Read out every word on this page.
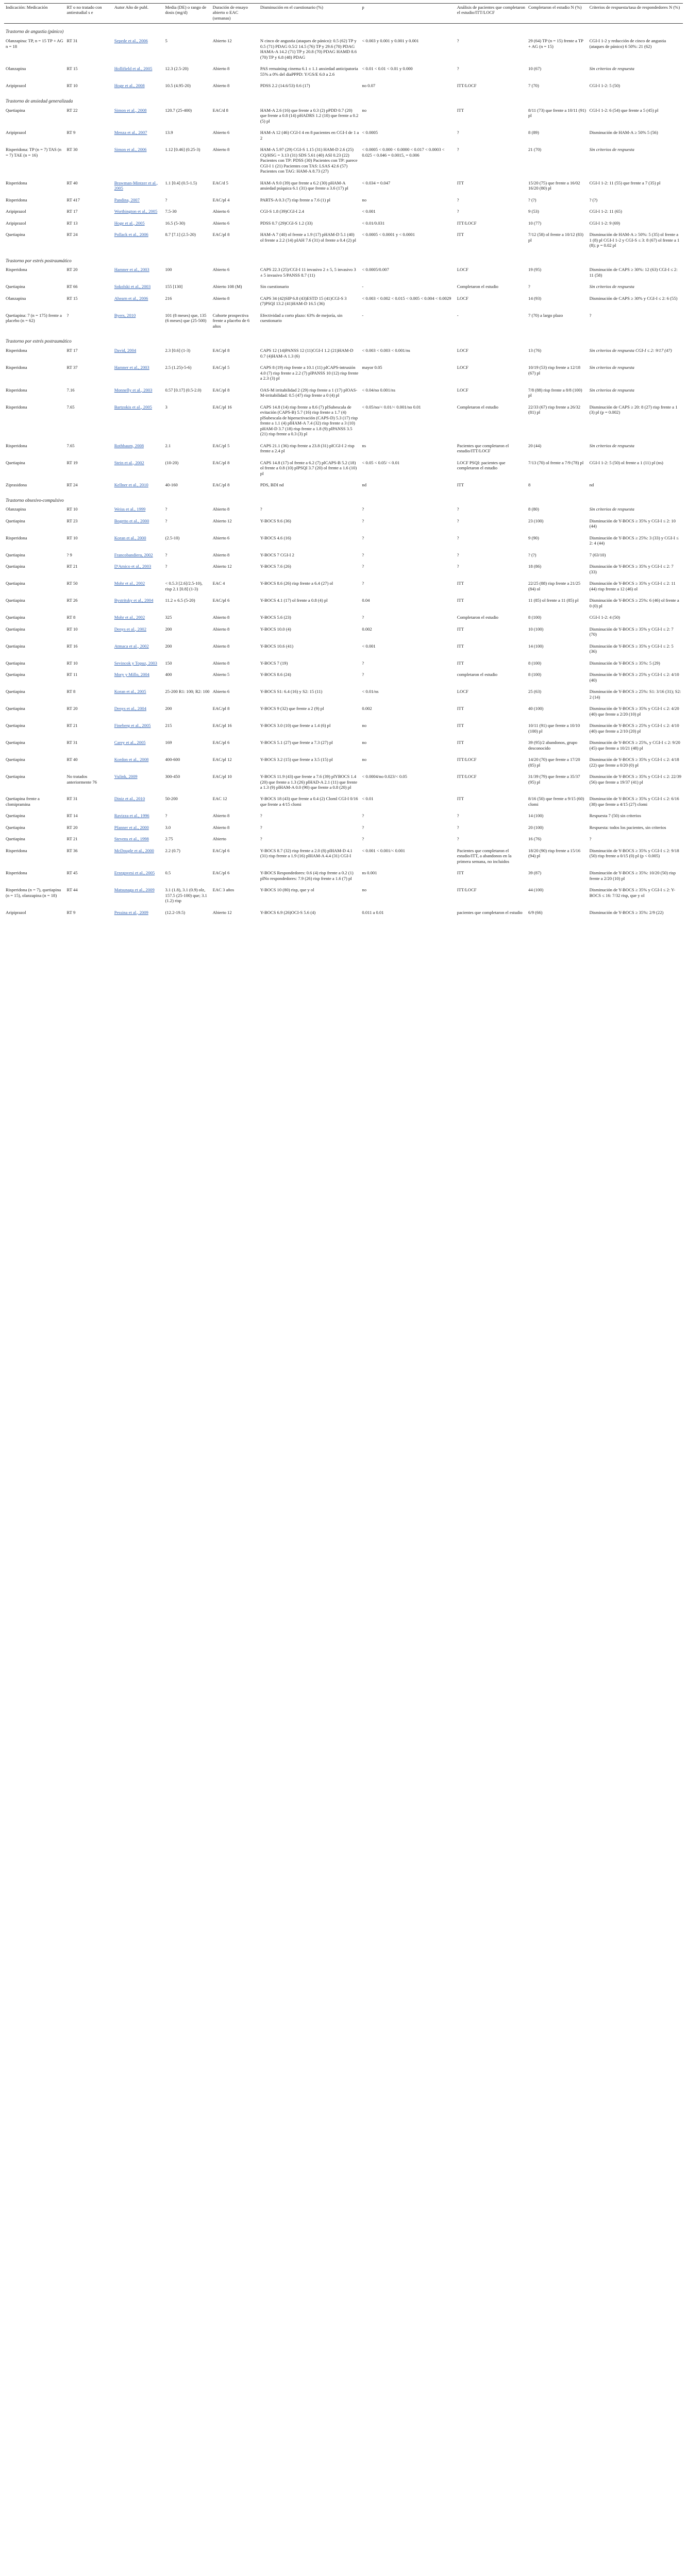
Indicación: Medicación	RT o no tratado con antiestudial s e	Autor Año de publ.	Media (DE) o rango de dosis (mg/d)	Duración de ensayo abierto o EAC (semanas)	Disminución en el cuestionario (%)	p	Análisis de pacientes que completaron el estudio/ITT/LOCF	Completaron el estudio N (%)	Criterios de respuesta/tasa de respondedores N (%)
Trastorno de angustia (pánico)									
Olanzapina: TP, n = 15 TP + AG n = 18	RT 31	Sepede et al., 2006	5	Abierto 12	N cinco de angustia (ataques de pánico): 0.5 (62) TP y 0.5 (71) PDAG 0.5/2 14.5 (76) TP y 29.6 (70) PDAG HAMA-A 14.2 (71) TP y 20.8 (70) PDAG HAMD 8.6 (70) TP y 6.8 (48) PDAG	< 0.003 y 0.001 y 0.001 y 0.001	?	29 (64) TP (n = 15) frente a TP + AG (n = 15)	CGI-I 1-2 y reducción de cinco de angustia (ataques de pánico) 6 50%: 21 (62)
Olanzapina	RT 15	Hollifield et al., 2005	12.3 (2.5-20)	Abierto 8	PAS remaining cinema 6.1 ± 1.1 anxiedad anticipatoria 55% a 0% del diaPPPD: Y/GS/E 6.0 a 2.6	< 0.01 < 0.01 < 0.01 y 0.000	?	10 (67)	Sin criterios de respuesta
Aripiprazol	RT 10	Hoge et al., 2008	10.5 (4.95-20)	Abierto 8	PDSS 2.2 (14.6/53) 0.6 (17)	no 0.07	ITT/LOCF	7 (70)	CGI-I 1-2: 5 (50)
Trastorno de ansiedad generalizada									
Quetiapina	RT 22	Simon et al., 2008	120.7 (25-400)	EAC/d 8	HAM-A 2.6 (16) que frente a 0.3 (2) pPDD 0.7 (20) que frente a 0.8 (14) pHADRS 1.2 (10) que frente a 0.2 (5) pl	no	ITT	8/11 (73) que frente a 10/11 (91) pl	CGI-I 1-2: 6 (54) que frente a 5 (45) pl
Aripiprazol	RT 9	Menza et al., 2007	13.9	Abierto 6	HAM-A 12 (46) CGI-I 4 en 8 pacientes en CGI-I de 1 a 2	< 0.0005	?	8 (89)	Disminución de HAM-A ≥ 50% 5 (56)
Risperidona: TP (n = 7) TAS (n = 7) TAE (n = 16)	RT 30	Simon et al., 2006	1.12 [0.46] (0.25-3)	Abierto 8	HAM-A 5.97 (29) CGI-S 1.15 (31) HAM-D 2.6 (25) CQ/HSG = 3.13 (31) SDS 5.61 (40) ASI 0.23 (22) Pacientes con TP: PDSS (30) Pacientes con TP: parece CGI-I 1 (21) Pacientes con TAS: LSAS 42.6 (57) Pacientes con TAG: HAM-A 8.73 (27)	< 0.0005 < 0.000 < 0.0000 < 0.017 < 0.0003 < 0.025 < 0.046 = 0.0015, = 0.006	?	21 (70)	Sin criterios de respuesta
Risperidona	RT 40	Brawman-Mintzer et al., 2005	1.1 [0.4] (0.5-1.5)	EAC/d 5	HAM-A 9.0 (39) que frente a 6.2 (30) pHAM-A ansiedad psíquica 6.1 (31) que frente a 3.6 (17) pl	< 0.034 = 0.047	ITT	15/20 (75) que frente a 16/02 16/20 (80) pl	CGI-I 1-2: 11 (55) que frente a 7 (35) pl
Risperidona	RT 417	Pandina, 2007	?	EAC/pl 4	PARTS-A 0.3 (7) rísp frente a 7.6 (1) pl	no	?	? (?)	? (?)
Aripiprazol	RT 17	Worthington et al., 2005	7.5-30	Abierto 6	CGI-S 1.8 (39)CGI-I 2.4	< 0.001	?	9 (53)	CGI-I 1-2: 11 (65)
Aripiprazol	RT 13	Hoge et al., 2005	16.5 (5-30)	Abierto 6	PDSS 0.7 (29)CGI-S 1.2 (33)	< 0.01/0.031	ITT/LOCF	10 (77)	CGI-I 1-2: 9 (69)
Quetiapina	RT 24	Pollack et al., 2006	8.7 [7.1] (2.5-20)	EAC/pl 8	HAM-A 7 (40) ol frente a 1.9 (17) pHAM-D 5.1 (40) ol frente a 2.2 (14) pIAH 7.6 (31) ol frente a 0.4 (2) pl	< 0.0005 < 0.0001 y < 0.0001	ITT	7/12 (58) ol frente a 10/12 (83) pl	Disminución de HAM-A ≥ 50%: 5 (35) ol frente a 1 (8) pl CGI-I 1-2 y CGI-S ≤ 3: 8 (67) ol frente a 1 (8); p = 0.02 pl
Trastorno por estrés postraumático									
Risperidona	RT 20	Hamner et al., 2003	100	Abierto 6	CAPS 22.3 (25)/CGI-I 11 invasivo 2 ± 5, 5 invasivo 3 ± 5 invasivo 5/PANSS 8.7 (11)	< 0.0005/0.007	LOCF	19 (95)	Disminución de CAPS ≥ 30%: 12 (63) CGI-I ≤ 2: 11 (58)
Quetiapina	RT 66	Sokolski et al., 2003	155 [130]	Abierto 108 (M)	Sin cuestionario	-	Completaron el estudio	?	Sin criterios de respuesta
Olanzapina	RT 15	Ahearn et al., 2006	216	Abierto 8	CAPS 34 (42)SIP 6.8 (43)ESTD 15 (41)CGI-S 3 (7)PSQI 13.2 (41)HAM-D 16.5 (36)	< 0.003 < 0.002 < 0.015 < 0.005 < 0.004 < 0.0029	LOCF	14 (93)	Disminución de CAPS ≥ 30% y CGI-I ≤ 2: 6 (55)
Quetiapina: 7 (n = 175) frente a placebo (n = 62)	?	Byers, 2010	101 (8 meses) que, 135 (6 meses) que (25-500)	Cohorte prospectiva frente a placebo de 6 años	Efectividad a corto plazo: 63% de mejoría, sin cuestionario	-	-	7 (70) a largo plazo	?
Trastorno por estrés postraumático									
Risperidona	RT 17	David, 2004	2.3 [0.6] (1-3)	EAC/pl 8	CAPS 12 (14)PANSS 12 (11)CGI-I 1.2 (21)HAM-D 0.7 (4)HAM-A 1.3 (6)	< 0.003 < 0.003 < 0.001/ns	LOCF	13 (76)	Sin criterios de respuesta CGI-I ≤ 2: 9/17 (47)
Risperidona	RT 37	Hamner et al., 2003	2.5 (1.25)-5-6)	EAC/pl 5	CAPS 8 (19) risp frente a 10.1 (11) plCAPS-intrusión 4.0 (7) risp frente a 2.2 (7) plPANSS 10 (12) risp frente a 2.3 (3) pl	mayor 0.05	LOCF	10/19 (53) risp frente a 12/18 (67) pl	Sin criterios de respuesta
Risperidona	7.16	Monnelly et al., 2003	0.57 [0.17] (0.5-2.0)	EAC/pl 8	OAS-M irritabilidad 2 (29) risp frente a 1 (17) plOAS-M-irritabilidad: 0.5 (47) risp frente a 0 (4) pl	< 0.04/no 0.001/ns	LOCF	7/8 (88) risp frente a 8/8 (100) pl	Sin criterios de respuesta
Risperidona	7.65	Bartzokis et al., 2005	3	EAC/pl 16	CAPS 14.8 (14) risp frente a 8.6 (7) plSubescala de evitación (CAPS-B) 5.7 (16) risp frente a 1.7 (4) plSubescala de hiperactivación (CAPS-D) 5.3 (17) risp frente a 1.1 (4) plHAM-A 7.4 (32) risp frente a 3 (10) pHAM-D 3.7 (18) risp frente a 1.8 (9) plPANSS 3.5 (21) risp frente a 0.3 (3) pl	< 0.05/no/< 0.01/< 0.001/no 0.01	Completaron el estudio	22/33 (67) risp frente a 26/32 (81) pl	Disminución de CAPS ≥ 20: 8 (27) risp frente a 1 (3) pl (p = 0.002)
Risperidona	7.65	Rothbaum, 2008	2.1	EAC/pl 5	CAPS 21.1 (36) risp frente a 23.8 (31) plCGI-I 2 risp frente a 2.4 pl	ns	Pacientes que completaron el estudio/ITT/LOCF	20 (44)	Sin criterios de respuesta
Quetiapina	RT 19	Stein et al., 2002	(10-20)	EAC/pl 8	CAPS 14.8 (17) ol frente a 6.2 (7) plCAPS-B 5.2 (18) ol frente a 0.8 (10) plPSQI 3.7 (20) ol frente a 1.6 (10) pl	< 0.05 < 0.05/ < 0.01	LOCF PSQI: pacientes que completaron el estudio	7/13 (70) ol frente a 7/9 (78) pl	CGI-I 1-2: 5 (50) ol frente a 1 (11) pl (ns)
Ziprasidona	RT 24	Kellner et al., 2010	40-160	EAC/pl 8	PDS, BDI nd	nd	ITT	8	nd
Trastorno obsesivo-compulsivo									
Olanzapina	RT 10	Weiss et al., 1999	?	Abierto 8	?	?	?	8 (80)	Sin criterios de respuesta
Quetiapina	RT 23	Bogetto et al., 2000	?	Abierto 12	Y-BOCS 9.6 (36)	?	?	23 (100)	Disminución de Y-BOCS ≥ 35% y CGI-I ≤ 2: 10 (44)
Risperidona	RT 10	Koran et al., 2000	(2.5-10)	Abierto 6	Y-BOCS 4.6 (16)	?	?	9 (90)	Disminución de Y-BOCS ≥ 25%: 3 (33) y CGI-I ≤ 2: 4 (44)
Quetiapina	? 9	Francobandiera, 2002	?	Abierto 8	Y-BOCS 7 CGI-I 2	?	?	? (?)	7 (63/10)
Quetiapina	RT 21	D'Amico et al., 2003	?	Abierto 12	Y-BOCS 7.6 (26)	?	?	18 (86)	Disminución de Y-BOCS ≥ 35% y CGI-I ≤ 2: 7 (33)
Quetiapina	RT 50	Mohr et al., 2002	< 0.5.3 [2.6]/2.5-10), risp 2.1 [0.8] (1-3)	EAC 4	Y-BOCS 8.6 (26) risp frente a 6.4 (27) ol	?	ITT	22/25 (88) risp frente a 21/25 (84) ol	Disminución de Y-BOCS ≥ 35% y CGI-I ≤ 2: 11 (44) risp frente a 12 (46) ol
Quetiapina	RT 26	Bystritsky et al., 2004	11.2 ± 6.5 (5-20)	EAC/pl 6	Y-BOCS 4.1 (17) ol frente a 0.8 (4) pl	0.04	ITT	11 (85) ol frente a 11 (85) pl	Disminución de Y-BOCS ≥ 25%: 6 (46) ol frente a 0 (0) pl
Quetiapina	RT 8	Mohr et al., 2002	325	Abierto 8	Y-BOCS 5.6 (23)	?	Completaron el estudio	8 (100)	CGI-I 1-2: 4 (50)
Quetiapina	RT 10	Denys et al., 2002	200	Abierto 8	Y-BOCS 10.0 (4)	0.002	ITT	10 (100)	Disminución de Y-BOCS ≥ 35% y CGI-I ≤ 2: 7 (70)
Quetiapina	RT 16	Atmaca et al., 2002	200	Abierto 8	Y-BOCS 10.6 (41)	< 0.001	ITT	14 (100)	Disminución de Y-BOCS ≥ 35% y CGI-I ≤ 2: 5 (36)
Quetiapina	RT 10	Sevincok y Topuz, 2003	150	Abierto 8	Y-BOCS 7 (19)	?	ITT	8 (100)	Disminución de Y-BOCS ≥ 35%: 5 (29)
Quetiapina	RT 11	Mory y Millo, 2004	400	Abierto 5	Y-BOCS 8.6 (24)	?	completaron el estudio	8 (100)	Disminución de Y-BOCS ≥ 25% y CGI-I ≤ 2: 4/10 (40)
Quetiapina	RT 8	Koran et al., 2005	25-200 R1: 100; R2: 100	Abierto 6	Y-BOCS S1: 6.4 (16) y S2: 15 (11)	< 0.01/ns	LOCF	25 (63)	Disminución de Y-BOCS ≥ 25%: S1: 3/16 (31); S2: 2 (14)
Quetiapina	RT 20	Denys et al., 2004	200	EAC/pl 8	Y-BOCS 9 (32) que frente a 2 (9) pl	0.002	ITT	40 (100)	Disminución de Y-BOCS ≥ 35% y CGI-I ≤ 2: 4/20 (40) que frente a 2/20 (10) pl
Quetiapina	RT 21	Fineberg et al., 2005	215	EAC/pl 16	Y-BOCS 3.0 (10) que frente a 1.4 (6) pl	no	ITT	10/11 (91) que frente a 10/10 (100) pl	Disminución de Y-BOCS ≥ 25% y CGI-I ≤ 2: 4/10 (40) que frente a 2/10 (20) pl
Quetiapina	RT 31	Carey et al., 2005	169	EAC/pl 6	Y-BOCS 5.1 (27) que frente a 7.3 (27) pl	no	ITT	39 (95)/2 abandonos, grupo desconocido	Disminución de Y-BOCS ≥ 25%, y CGI-I ≤ 2: 9/20 (45) que frente a 10/21 (48) pl
Quetiapina	RT 40	Kordon et al., 2008	400-600	EAC/pl 12	Y-BOCS 3.2 (15) que frente a 3.5 (15) pl	no	ITT/LOCF	14/20 (70) que frente a 17/20 (85) pl	Disminución de Y-BOCS ≥ 35% y CGI-I ≤ 2: 4/18 (22) que frente a 0/20 (0) pl
Quetiapina	No tratados anteriormente 76	Vulink, 2009	300-450	EAC/pl 10	Y-BOCS 11.9 (43) que frente a 7.6 (39) plYBOCS 1.4 (20) que frente a 1.3 (26) plHAD-A 2.1 (11) que frente a 1.3 (9) plHAM-A 0.0 (90) que frente a 0.8 (20) pl	< 0.0004/no 0.023/< 0.05	ITT/LOCF	31/39 (79) que frente a 35/37 (95) pl	Disminución de Y-BOCS ≥ 35% y CGI-I ≤ 2: 22/39 (56) que frente a 19/37 (41) pl
Quetiapina frente a clomipramina	RT 31	Diniz et al., 2010	50-200	EAC 12	Y-BOCS 18 (43) que frente a 0.4 (2) ClomI CGI-I 0/16 que frente a 4/15 clomi	< 0.01	ITT	8/16 (50) que frente a 9/15 (60) clomi	Disminución de Y-BOCS ≥ 35% y CGI-I ≤ 2: 6/16 (38) que frente a 4/15 (27) clomi
Quetiapina	RT 14	Ravizza et al., 1996	?	Abierto 8	?	?	?	14 (100)	Respuesta 7 (50) sin criterios
Quetiapina	RT 20	Pfanner et al., 2000	3.0	Abierto 8	?	?	?	20 (100)	Respuesta: todos los pacientes, sin criterios
Quetiapina	RT 21	Stevens et al., 1998	2.75	Abierto	?	?	?	16 (76)	?
Risperidona	RT 36	McDougle et al., 2000	2.2 (0.7)	EAC/pl 6	Y-BOCS 8.7 (32) risp frente a 2.0 (8) plHAM-D 4.1 (31) risp frente a 1.9 (16) plHAM-A 4.4 (31) CGI-I	< 0.001 < 0.001/< 0.001	Pacientes que completaron el estudio/ITT, a abandonos en la primera semana, no incluidos	18/20 (90) risp frente a 15/16 (94) pl	Disminución de Y-BOCS ≥ 35% y CGI-I ≤ 2: 9/18 (50) risp frente a 0/15 (0) pl (p < 0.005)
Risperidona	RT 45	Erzegovesi et al., 2005	0.5	EAC/pl 6	Y-BOCS Respondedores: 0.6 (4) risp frente a 0.2 (1) plNo respondedores: 7.9 (26) risp frente a 1.6 (7) pl	ns 0.001	ITT	39 (87)	Disminución de Y-BOCS ≥ 35%: 10/20 (50) risp frente a 2/20 (10) pl
Risperidona (n = 7), quetiapina (n = 15), olanzapina (n = 18)	RT 44	Matsunaga et al., 2009	3.1 (1.8), 3.1 (0.9) olz, 157.5 (25-100) que; 3.1 (1.2) risp	EAC 3 años	Y-BOCS 10 (80) risp, que y ol	no	ITT/LOCF	44 (100)	Disminución de Y-BOCS ≥ 35% y CGI-I ≤ 2: Y-BOCS ≤ 16: 7/32 risp, que y ol
Aripiprazol	RT 9	Pessina et al., 2009	(12.2-19.5)	Abierto 12	Y-BOCS 6.9 (26)OCI-S 5.6 (4)	0.011 a 0.01	pacientes que completaron el estudio	6/9 (66)	Disminución de Y-BOCS ≥ 35%: 2/9 (22)
